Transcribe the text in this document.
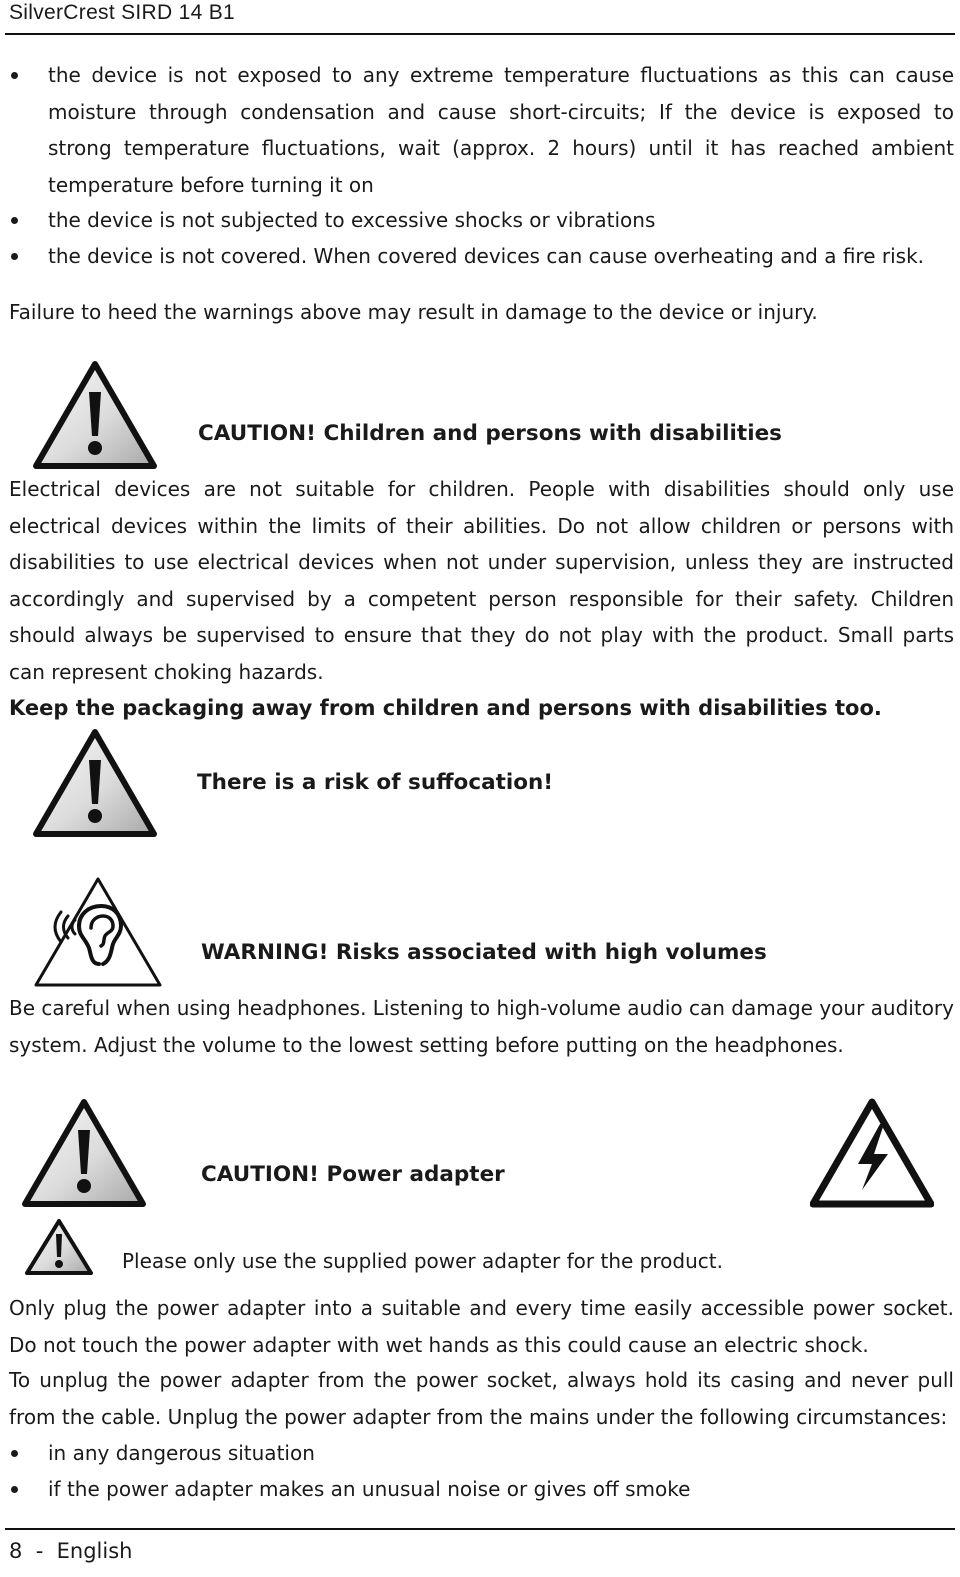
SilverCrest SIRD 14 B1
the device is not exposed to any extreme temperature fluctuations as this can cause moisture through condensation and cause short-circuits; If the device is exposed to strong temperature fluctuations, wait (approx. 2 hours) until it has reached ambient temperature before turning it on
the device is not subjected to excessive shocks or vibrations
the device is not covered. When covered devices can cause overheating and a fire risk.
Failure to heed the warnings above may result in damage to the device or injury.
CAUTION! Children and persons with disabilities
Electrical devices are not suitable for children. People with disabilities should only use electrical devices within the limits of their abilities. Do not allow children or persons with disabilities to use electrical devices when not under supervision, unless they are instructed accordingly and supervised by a competent person responsible for their safety. Children should always be supervised to ensure that they do not play with the product. Small parts can represent choking hazards.
Keep the packaging away from children and persons with disabilities too.
There is a risk of suffocation!
WARNING! Risks associated with high volumes
Be careful when using headphones. Listening to high-volume audio can damage your auditory system. Adjust the volume to the lowest setting before putting on the headphones.
CAUTION! Power adapter
Please only use the supplied power adapter for the product.
Only plug the power adapter into a suitable and every time easily accessible power socket. Do not touch the power adapter with wet hands as this could cause an electric shock.
To unplug the power adapter from the power socket, always hold its casing and never pull from the cable. Unplug the power adapter from the mains under the following circumstances:
in any dangerous situation
if the power adapter makes an unusual noise or gives off smoke
8  -  English
